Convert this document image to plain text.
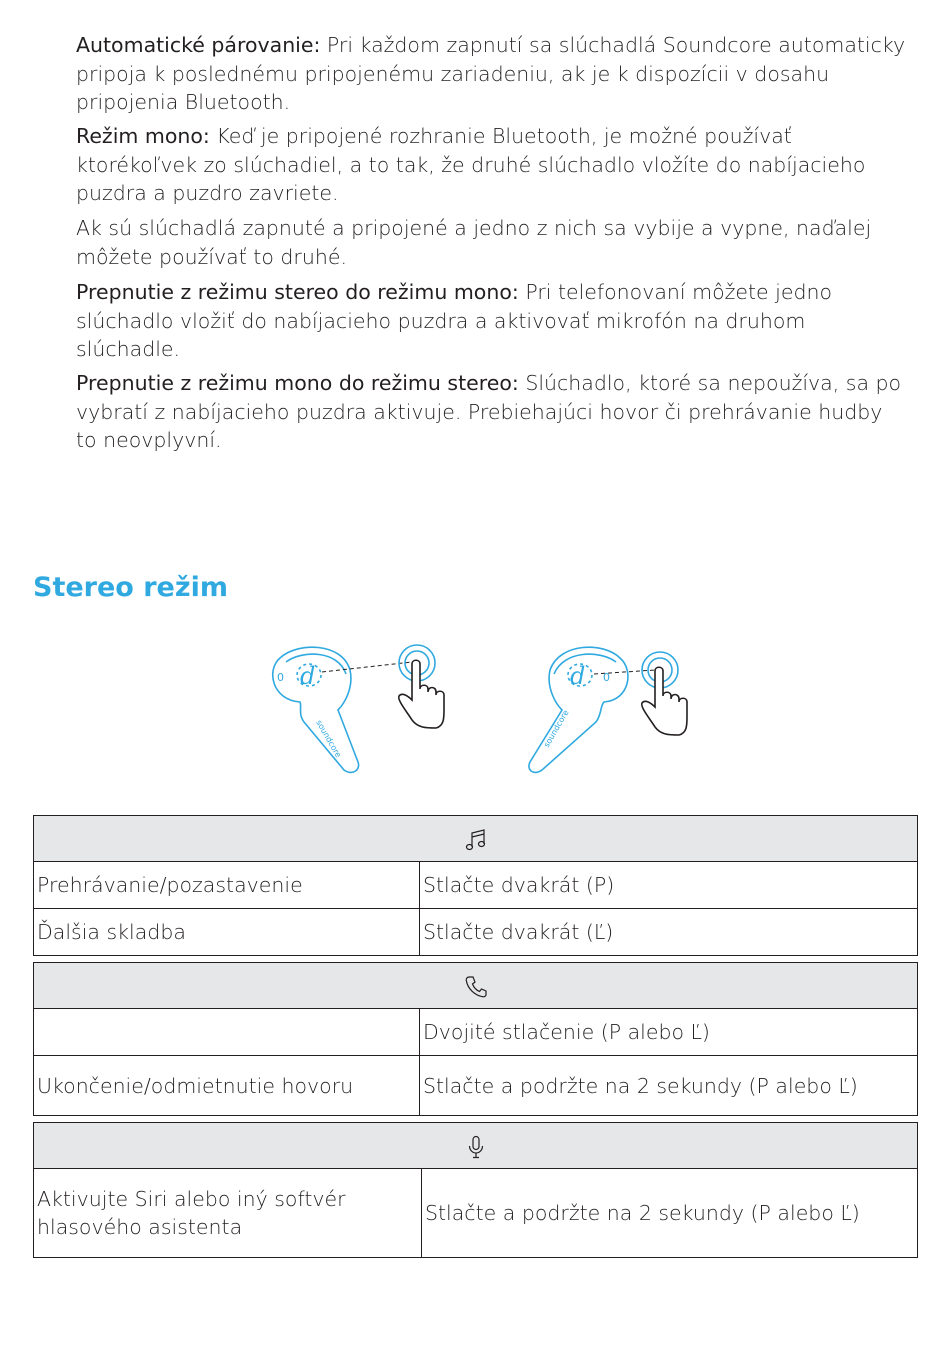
Automatické párovanie: Pri každom zapnutí sa slúchadlá Soundcore automaticky pripoja k poslednému pripojenému zariadeniu, ak je k dispozícii v dosahu pripojenia Bluetooth.

Režim mono: Keď je pripojené rozhranie Bluetooth, je možné používať ktorékoľvek zo slúchadiel, a to tak, že druhé slúchadlo vložíte do nabíjacieho puzdra a puzdro zavriete.

Ak sú slúchadlá zapnuté a pripojené a jedno z nich sa vybije a vypne, naďalej môžete používať to druhé.

Prepnutie z režimu stereo do režimu mono: Pri telefonovaní môžete jedno slúchadlo vložiť do nabíjacieho puzdra a aktivovať mikrofón na druhom slúchadle.

Prepnutie z režimu mono do režimu stereo: Slúchadlo, ktoré sa nepoužíva, sa po vybratí z nabíjacieho puzdra aktivuje. Prebiehajúci hovor či prehrávanie hudby to neovplyvní.

Stereo režim
0 d
soundcore
0
d
soundcore

Prehrávanie/pozastavenie	Stlačte dvakrát (P)
Ďalšia skladba	Stlačte dvakrát (Ľ)

	Dvojité stlačenie (P alebo Ľ)
Ukončenie/odmietnutie hovoru	Stlačte a podržte na 2 sekundy (P alebo Ľ)

Aktivujte Siri alebo iný softvér hlasového asistenta	Stlačte a podržte na 2 sekundy (P alebo Ľ)
